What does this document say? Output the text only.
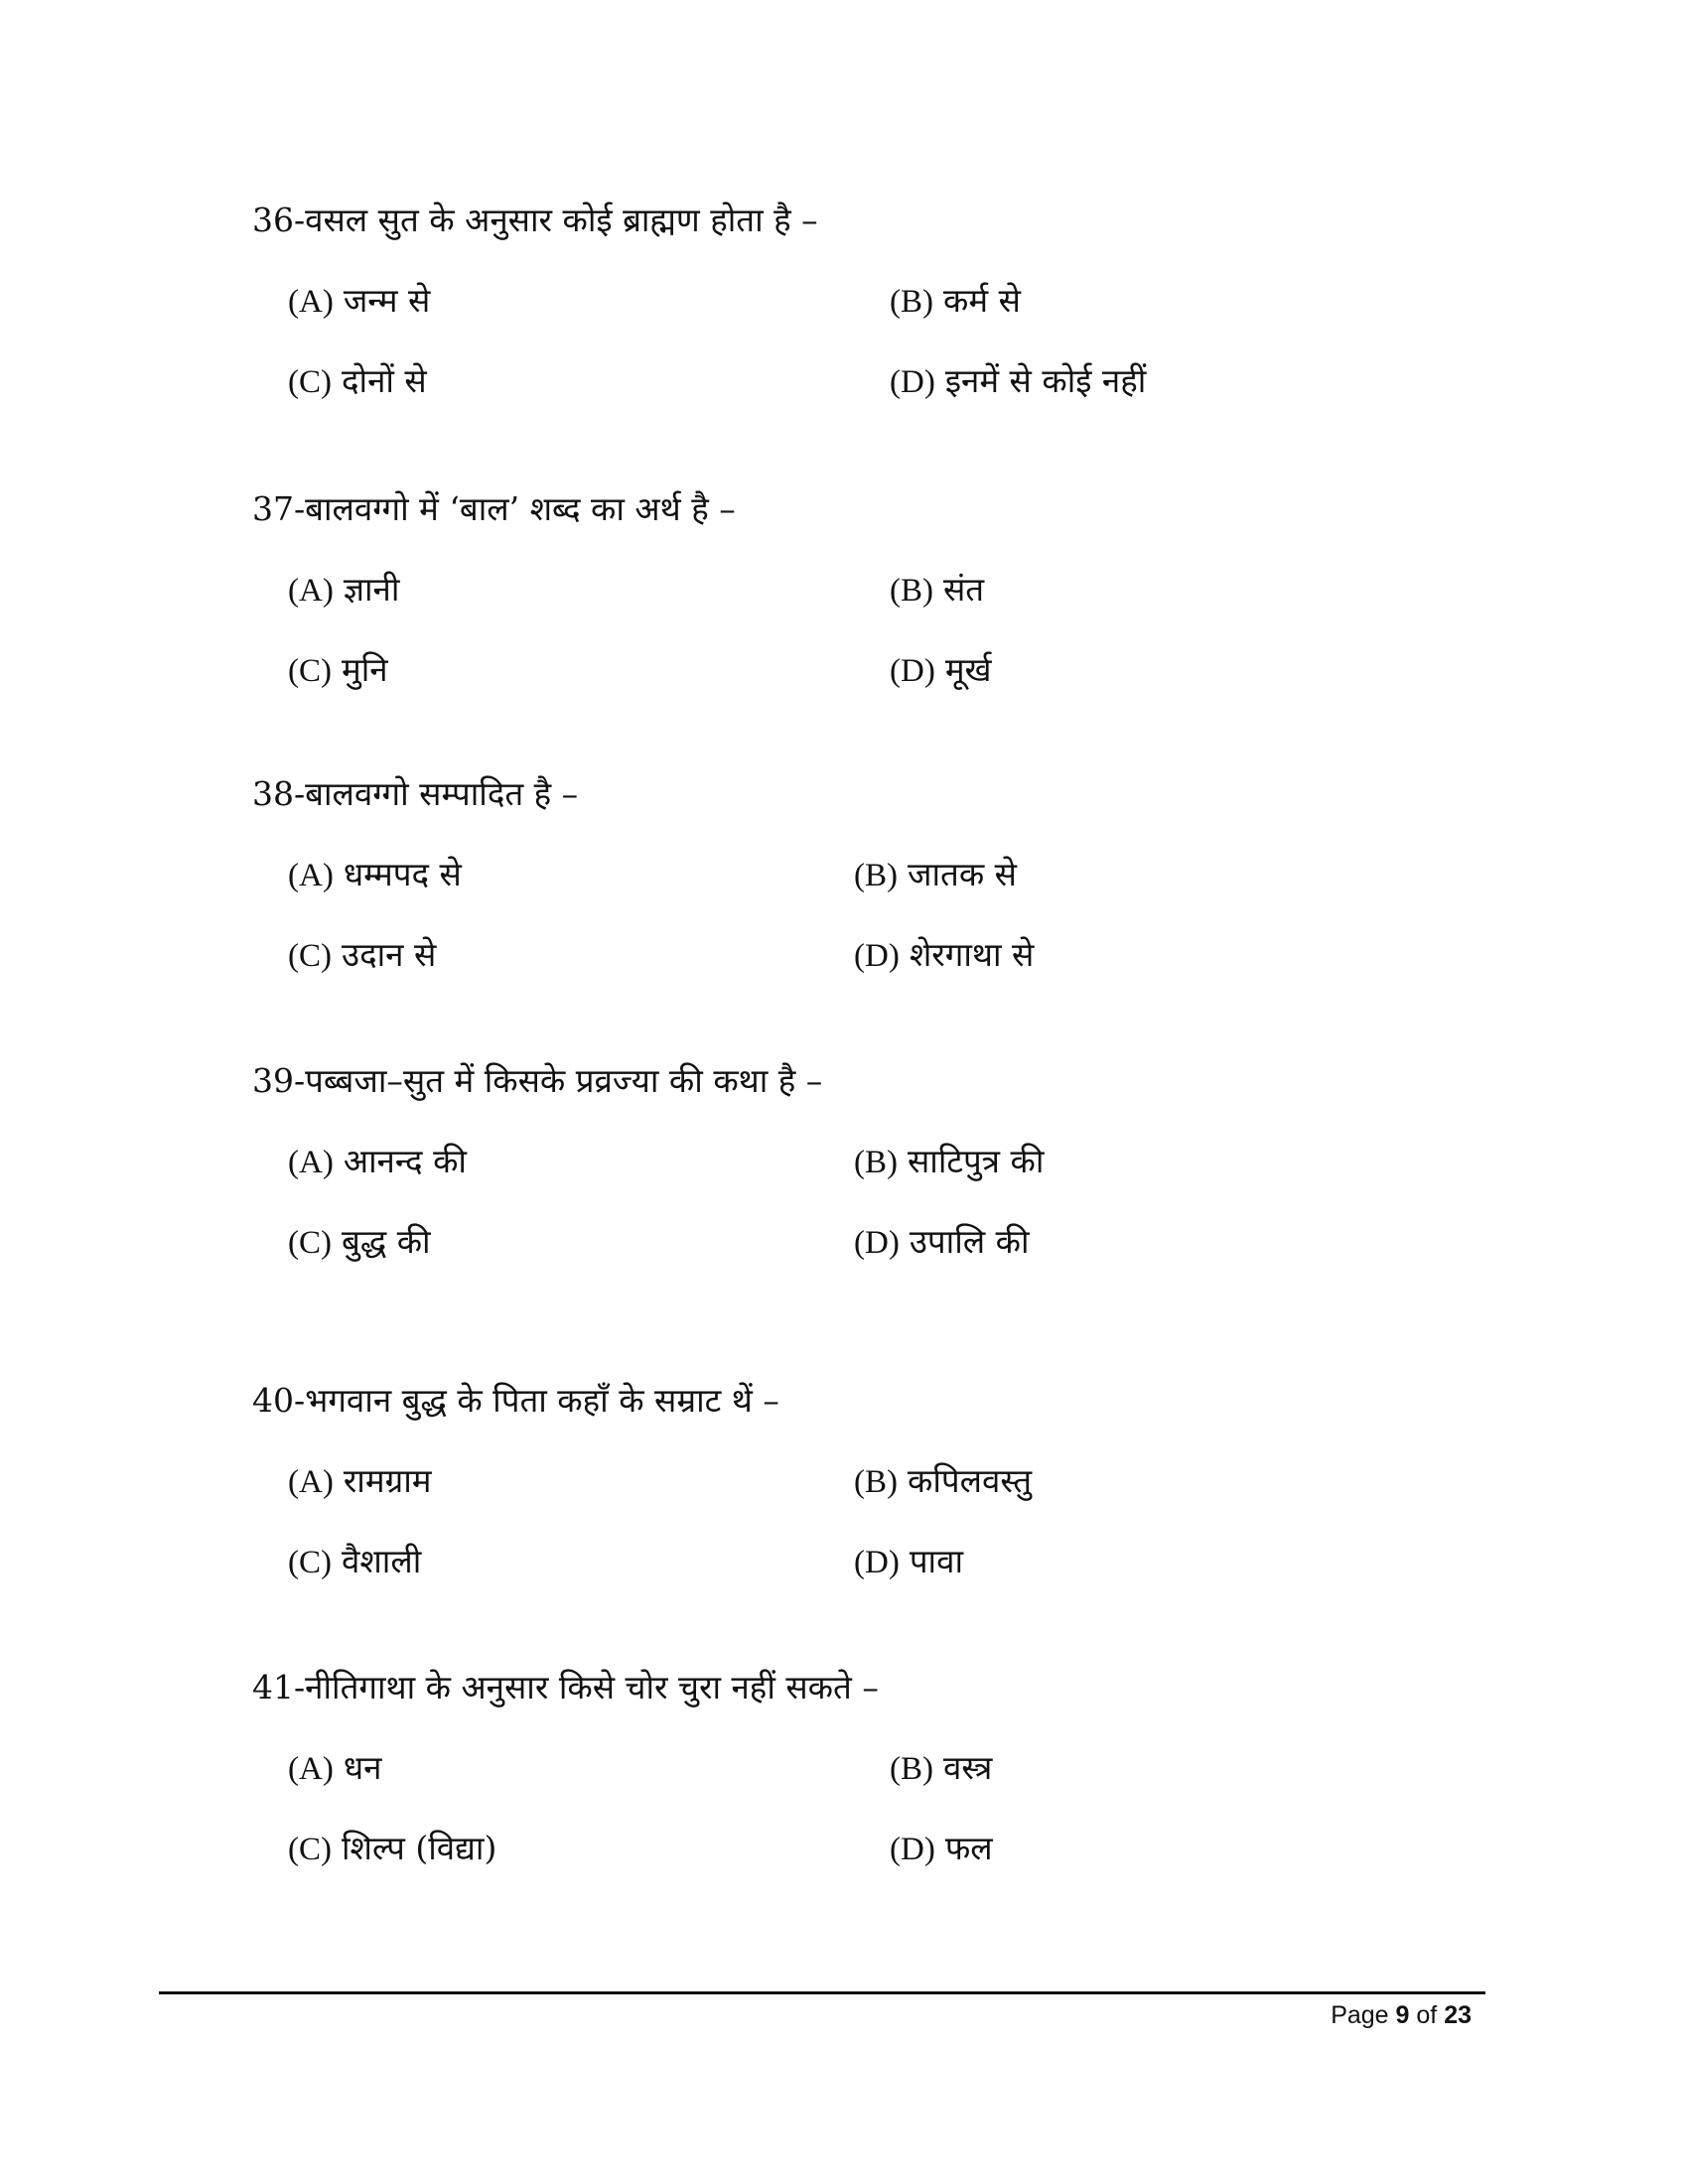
36-वसल सुत के अनुसार कोई ब्राह्मण होता है –
(A) जन्म से	(B) कर्म से
(C) दोनों से	(D) इनमें से कोई नहीं
37-बालवग्गो में ‘बाल’ शब्द का अर्थ है –
(A) ज्ञानी	(B) संत
(C) मुनि	(D) मूर्ख
38-बालवग्गो सम्पादित है –
(A) धम्मपद से	(B) जातक से
(C) उदान से	(D) शेरगाथा से
39-पब्बजा–सुत में किसके प्रव्रज्या की कथा है –
(A) आनन्द की	(B) साटिपुत्र की
(C) बुद्ध की	(D) उपालि की
40-भगवान बुद्ध के पिता कहाँ के सम्राट थें –
(A) रामग्राम	(B) कपिलवस्तु
(C) वैशाली	(D) पावा
41-नीतिगाथा के अनुसार किसे चोर चुरा नहीं सकते –
(A) धन	(B) वस्त्र
(C) शिल्प (विद्या)	(D) फल
Page 9 of 23
